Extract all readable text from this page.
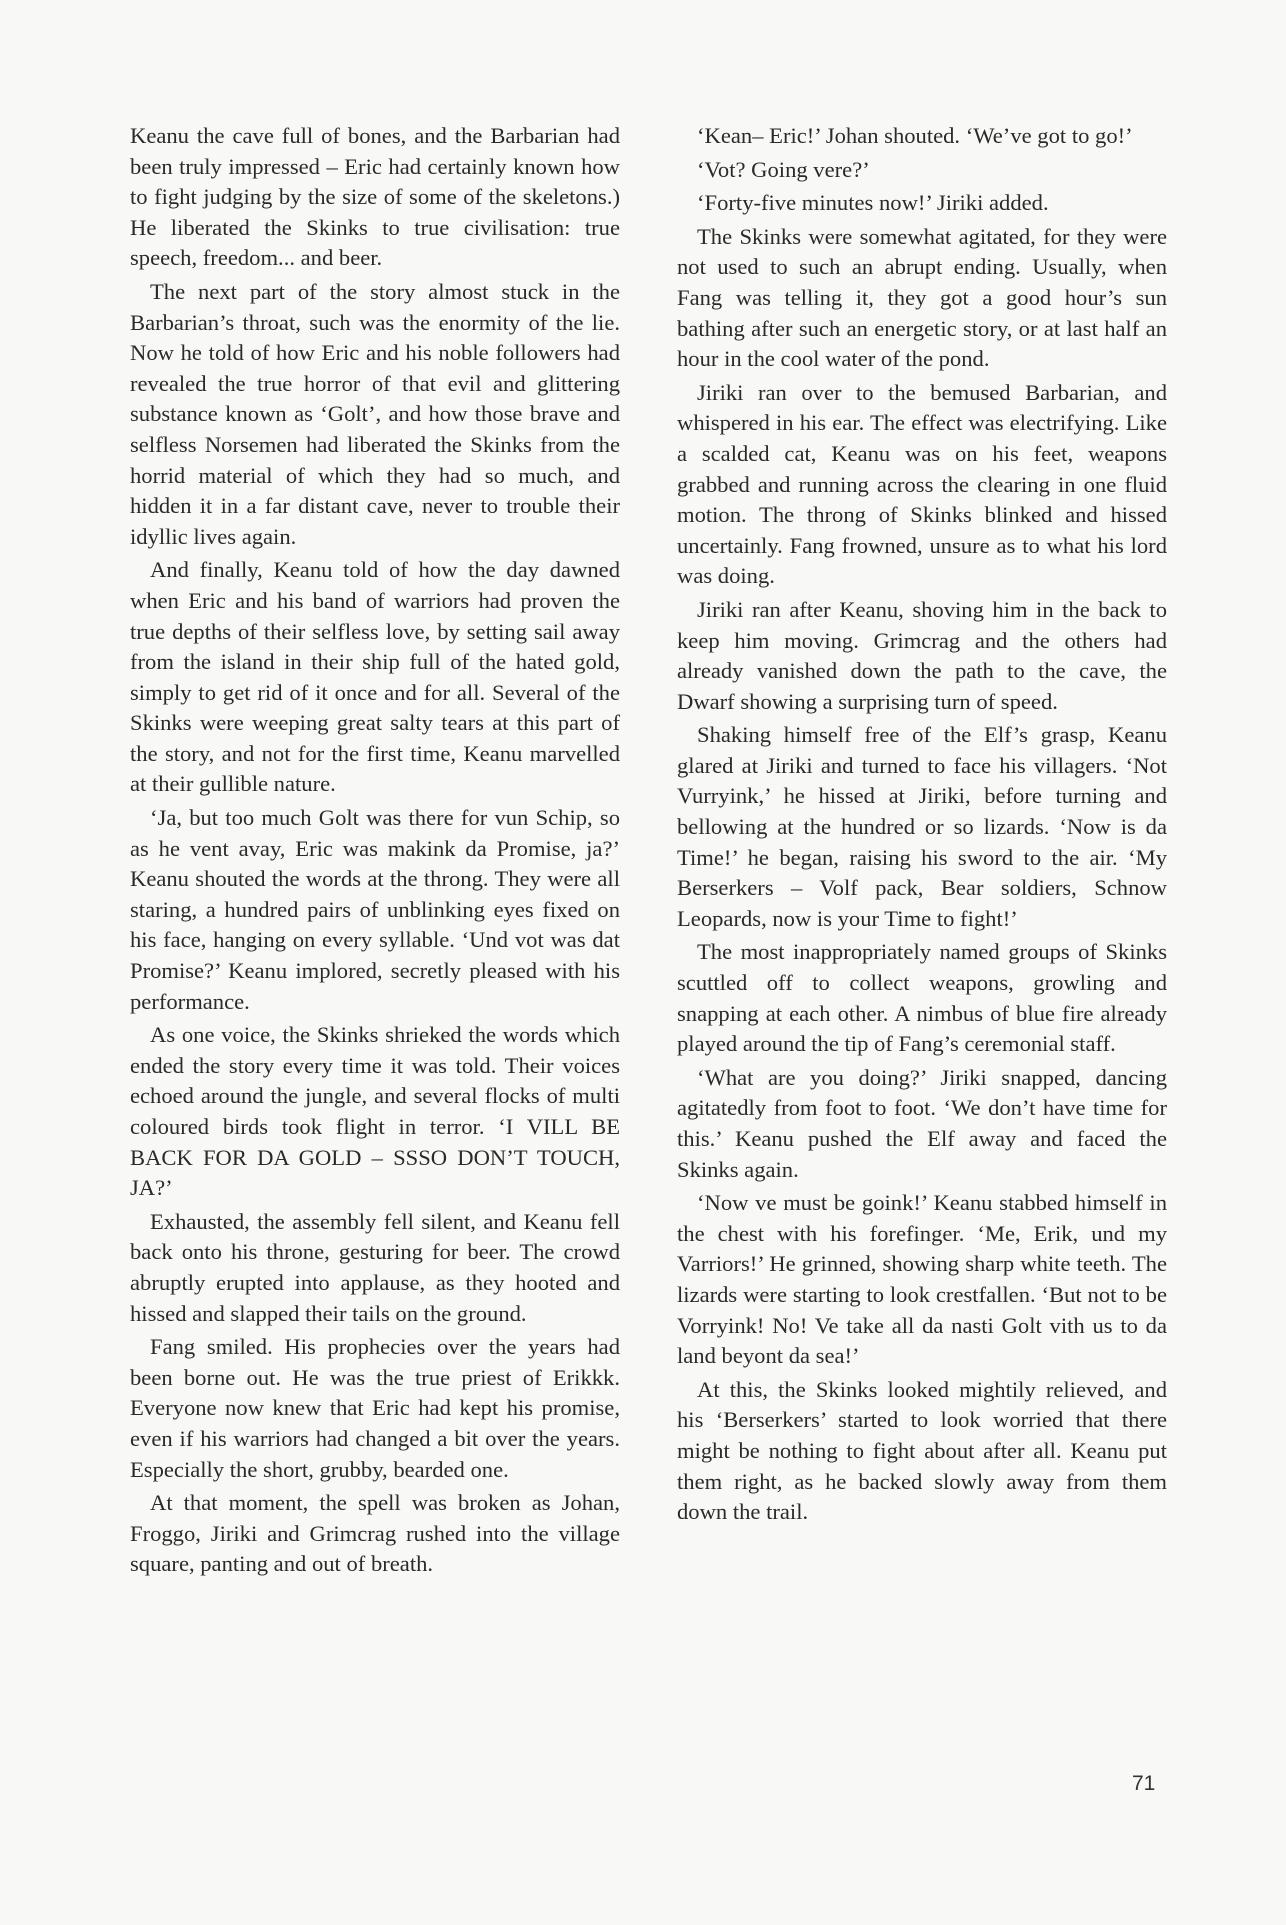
Keanu the cave full of bones, and the Barbarian had been truly impressed – Eric had certainly known how to fight judging by the size of some of the skeletons.) He liberated the Skinks to true civilisation: true speech, freedom... and beer.

The next part of the story almost stuck in the Barbarian’s throat, such was the enormity of the lie. Now he told of how Eric and his noble followers had revealed the true horror of that evil and glittering substance known as ‘Golt’, and how those brave and selfless Norsemen had liberated the Skinks from the horrid material of which they had so much, and hidden it in a far distant cave, never to trouble their idyllic lives again.

And finally, Keanu told of how the day dawned when Eric and his band of warriors had proven the true depths of their selfless love, by setting sail away from the island in their ship full of the hated gold, simply to get rid of it once and for all. Several of the Skinks were weeping great salty tears at this part of the story, and not for the first time, Keanu marvelled at their gullible nature.

‘Ja, but too much Golt was there for vun Schip, so as he vent avay, Eric was makink da Promise, ja?’ Keanu shouted the words at the throng. They were all staring, a hundred pairs of unblinking eyes fixed on his face, hanging on every syllable. ‘Und vot was dat Promise?’ Keanu implored, secretly pleased with his performance.

As one voice, the Skinks shrieked the words which ended the story every time it was told. Their voices echoed around the jungle, and several flocks of multi coloured birds took flight in terror. ‘I VILL BE BACK FOR DA GOLD – SSSO DON’T TOUCH, JA?’

Exhausted, the assembly fell silent, and Keanu fell back onto his throne, gesturing for beer. The crowd abruptly erupted into applause, as they hooted and hissed and slapped their tails on the ground.

Fang smiled. His prophecies over the years had been borne out. He was the true priest of Erikkk. Everyone now knew that Eric had kept his promise, even if his warriors had changed a bit over the years. Especially the short, grubby, bearded one.

At that moment, the spell was broken as Johan, Froggo, Jiriki and Grimcrag rushed into the village square, panting and out of breath.

‘Kean– Eric!’ Johan shouted. ‘We’ve got to go!’

‘Vot? Going vere?’

‘Forty-five minutes now!’ Jiriki added.

The Skinks were somewhat agitated, for they were not used to such an abrupt ending. Usually, when Fang was telling it, they got a good hour’s sun bathing after such an energetic story, or at last half an hour in the cool water of the pond.

Jiriki ran over to the bemused Barbarian, and whispered in his ear. The effect was electrifying. Like a scalded cat, Keanu was on his feet, weapons grabbed and running across the clearing in one fluid motion. The throng of Skinks blinked and hissed uncertainly. Fang frowned, unsure as to what his lord was doing.

Jiriki ran after Keanu, shoving him in the back to keep him moving. Grimcrag and the others had already vanished down the path to the cave, the Dwarf showing a surprising turn of speed.

Shaking himself free of the Elf’s grasp, Keanu glared at Jiriki and turned to face his villagers. ‘Not Vurryink,’ he hissed at Jiriki, before turning and bellowing at the hundred or so lizards. ‘Now is da Time!’ he began, raising his sword to the air. ‘My Berserkers – Volf pack, Bear soldiers, Schnow Leopards, now is your Time to fight!’

The most inappropriately named groups of Skinks scuttled off to collect weapons, growling and snapping at each other. A nimbus of blue fire already played around the tip of Fang’s ceremonial staff.

‘What are you doing?’ Jiriki snapped, dancing agitatedly from foot to foot. ‘We don’t have time for this.’ Keanu pushed the Elf away and faced the Skinks again.

‘Now ve must be goink!’ Keanu stabbed himself in the chest with his forefinger. ‘Me, Erik, und my Varriors!’ He grinned, showing sharp white teeth. The lizards were starting to look crestfallen. ‘But not to be Vorryink! No! Ve take all da nasti Golt vith us to da land beyont da sea!’

At this, the Skinks looked mightily relieved, and his ‘Berserkers’ started to look worried that there might be nothing to fight about after all. Keanu put them right, as he backed slowly away from them down the trail.

71
